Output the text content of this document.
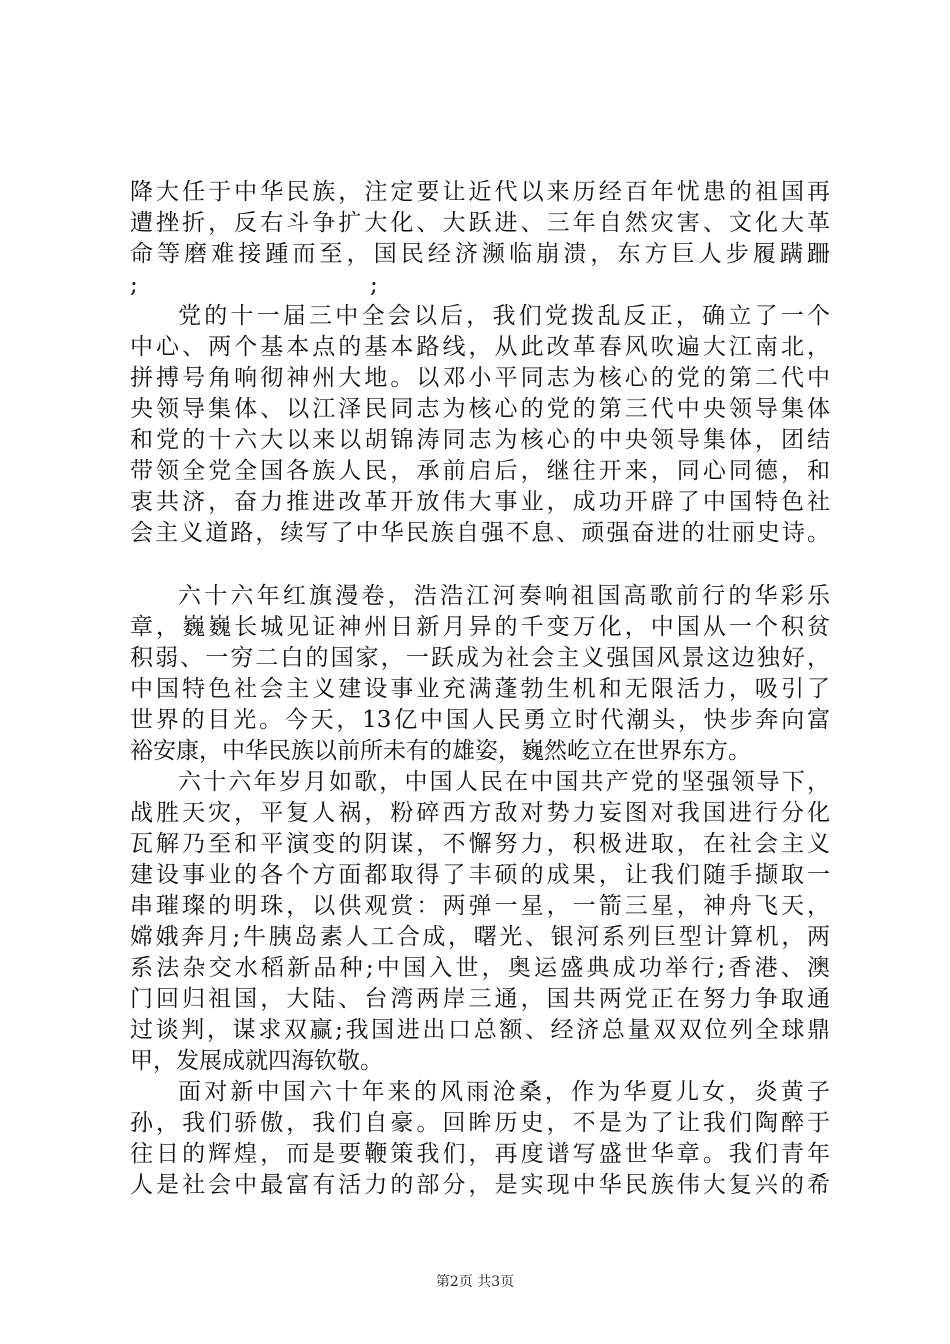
降大任于中华民族，注定要让近代以来历经百年忧患的祖国再
遭挫折，反右斗争扩大化、大跃进、三年自然灾害、文化大革
命等磨难接踵而至，国民经济濒临崩溃，东方巨人步履蹒跚
;	;
党的十一届三中全会以后，我们党拨乱反正，确立了一个
中心、两个基本点的基本路线，从此改革春风吹遍大江南北，
拼搏号角响彻神州大地。以邓小平同志为核心的党的第二代中
央领导集体、以江泽民同志为核心的党的第三代中央领导集体
和党的十六大以来以胡锦涛同志为核心的中央领导集体，团结
带领全党全国各族人民，承前启后，继往开来，同心同德，和
衷共济，奋力推进改革开放伟大事业，成功开辟了中国特色社
会主义道路，续写了中华民族自强不息、顽强奋进的壮丽史诗。
六十六年红旗漫卷，浩浩江河奏响祖国高歌前行的华彩乐
章，巍巍长城见证神州日新月异的千变万化，中国从一个积贫
积弱、一穷二白的国家，一跃成为社会主义强国风景这边独好，
中国特色社会主义建设事业充满蓬勃生机和无限活力，吸引了
世界的目光。今天，13亿中国人民勇立时代潮头，快步奔向富
裕安康，中华民族以前所未有的雄姿，巍然屹立在世界东方。
六十六年岁月如歌，中国人民在中国共产党的坚强领导下，
战胜天灾，平复人祸，粉碎西方敌对势力妄图对我国进行分化
瓦解乃至和平演变的阴谋，不懈努力，积极进取，在社会主义
建设事业的各个方面都取得了丰硕的成果，让我们随手撷取一
串璀璨的明珠，以供观赏：两弹一星，一箭三星，神舟飞天，
嫦娥奔月;牛胰岛素人工合成，曙光、银河系列巨型计算机，两
系法杂交水稻新品种;中国入世，奥运盛典成功举行;香港、澳
门回归祖国，大陆、台湾两岸三通，国共两党正在努力争取通
过谈判，谋求双赢;我国进出口总额、经济总量双双位列全球鼎
甲，发展成就四海钦敬。
面对新中国六十年来的风雨沧桑，作为华夏儿女，炎黄子
孙，我们骄傲，我们自豪。回眸历史，不是为了让我们陶醉于
往日的辉煌，而是要鞭策我们，再度谱写盛世华章。我们青年
人是社会中最富有活力的部分，是实现中华民族伟大复兴的希
第2页 共3页
